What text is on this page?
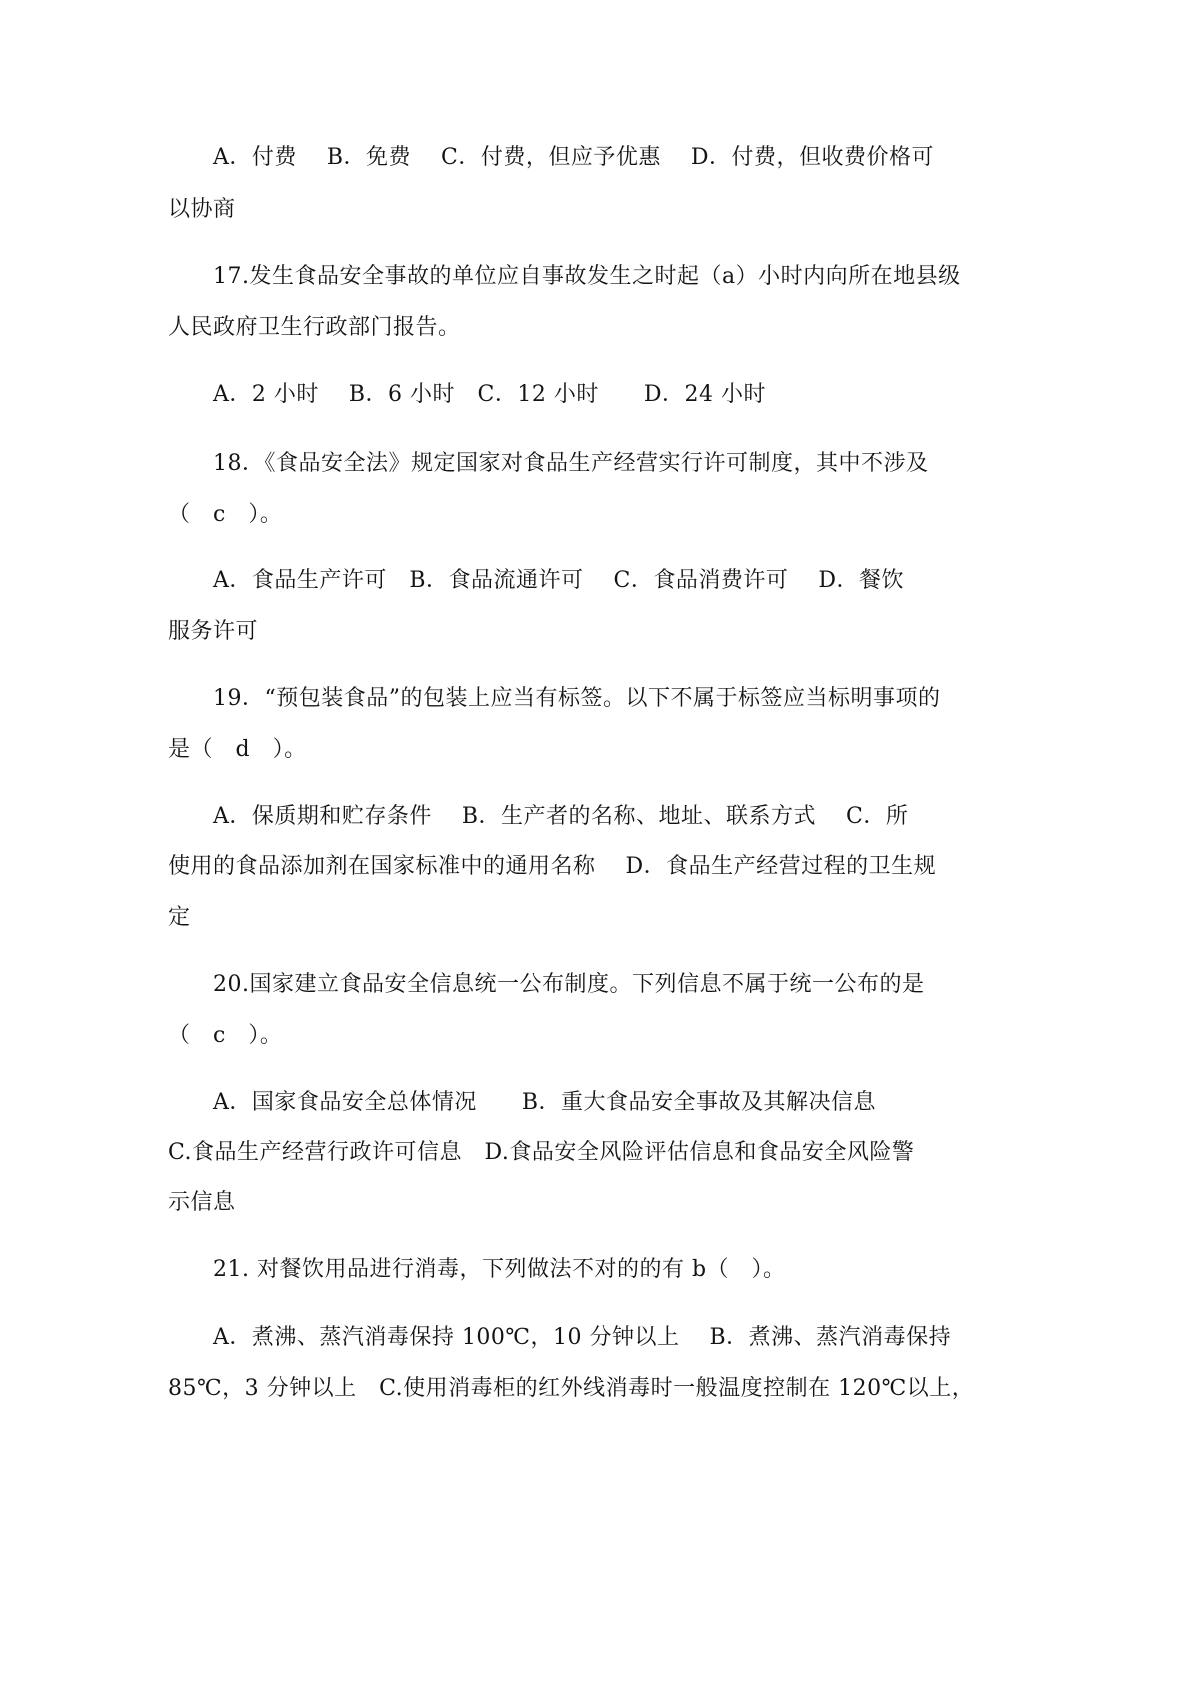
A．付费　 B．免费　 C．付费，但应予优惠　 D．付费，但收费价格可
以协商
17.发生食品安全事故的单位应自事故发生之时起（a）小时内向所在地县级
人民政府卫生行政部门报告。
A．2 小时　 B．6 小时　C．12 小时　　D．24 小时
18．《食品安全法》规定国家对食品生产经营实行许可制度，其中不涉及
（　c　）。
A．食品生产许可　B．食品流通许可　 C．食品消费许可　 D．餐饮
服务许可
19．“预包装食品”的包装上应当有标签。以下不属于标签应当标明事项的
是（　d　）。
A．保质期和贮存条件　 B．生产者的名称、地址、联系方式　 C．所
使用的食品添加剂在国家标准中的通用名称　 D．食品生产经营过程的卫生规
定
20.国家建立食品安全信息统一公布制度。下列信息不属于统一公布的是
（　c　）。
A．国家食品安全总体情况　　B．重大食品安全事故及其解决信息
C.食品生产经营行政许可信息　D.食品安全风险评估信息和食品安全风险警
示信息
21. 对餐饮用品进行消毒，下列做法不对的的有 b（　）。
A．煮沸、蒸汽消毒保持 100℃，10 分钟以上　 B．煮沸、蒸汽消毒保持
85℃，3 分钟以上　C.使用消毒柜的红外线消毒时一般温度控制在 120℃以上，
